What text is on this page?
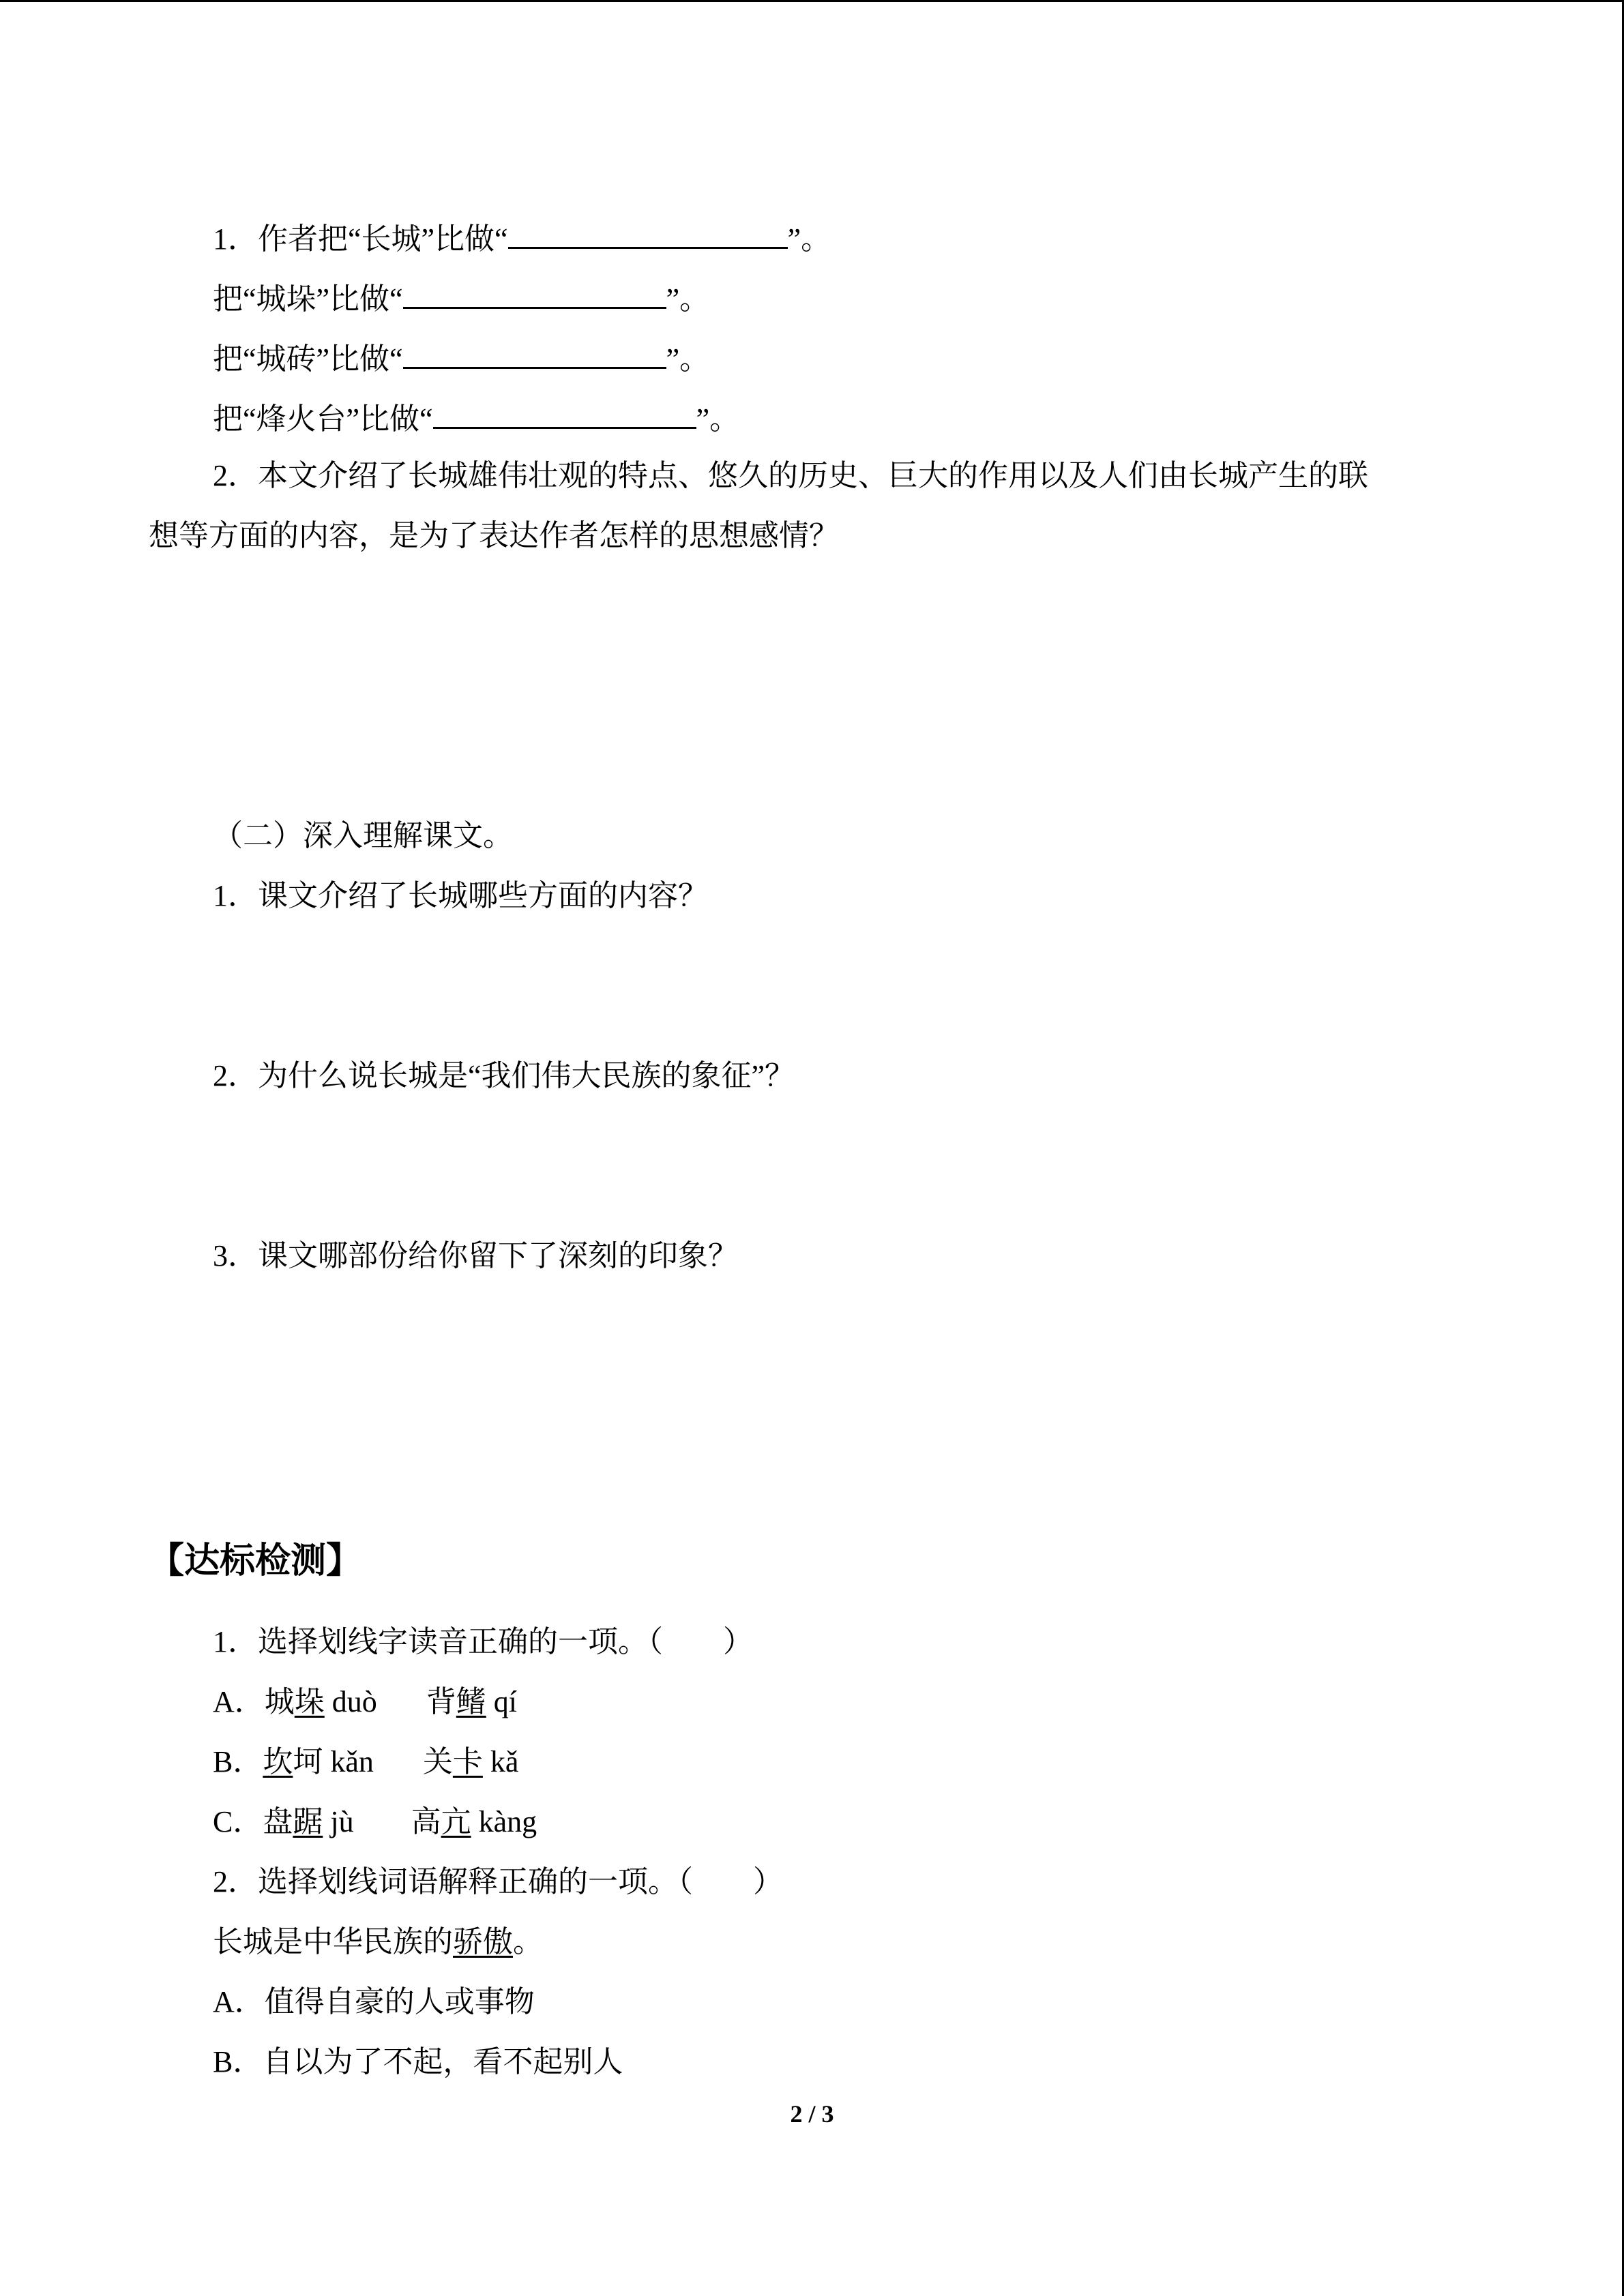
1．作者把“长城”比做“	”。
把“城垛”比做“	”。
把“城砖”比做“	”。
把“烽火台”比做“	”。
2．本文介绍了长城雄伟壮观的特点、悠久的历史、巨大的作用以及人们由长城产生的联
想等方面的内容，是为了表达作者怎样的思想感情？
（二）深入理解课文。
1．课文介绍了长城哪些方面的内容？
2．为什么说长城是“我们伟大民族的象征”？
3．课文哪部份给你留下了深刻的印象？
【达标检测】
1．选择划线字读音正确的一项。（　　）
A．城垛 duò 背鳍 qí
B．坎坷 kǎn 关卡 kǎ
C．盘踞 jù 高亢 kàng
2．选择划线词语解释正确的一项。（　　）
长城是中华民族的骄傲。
A．值得自豪的人或事物
B．自以为了不起，看不起别人
2 / 3
